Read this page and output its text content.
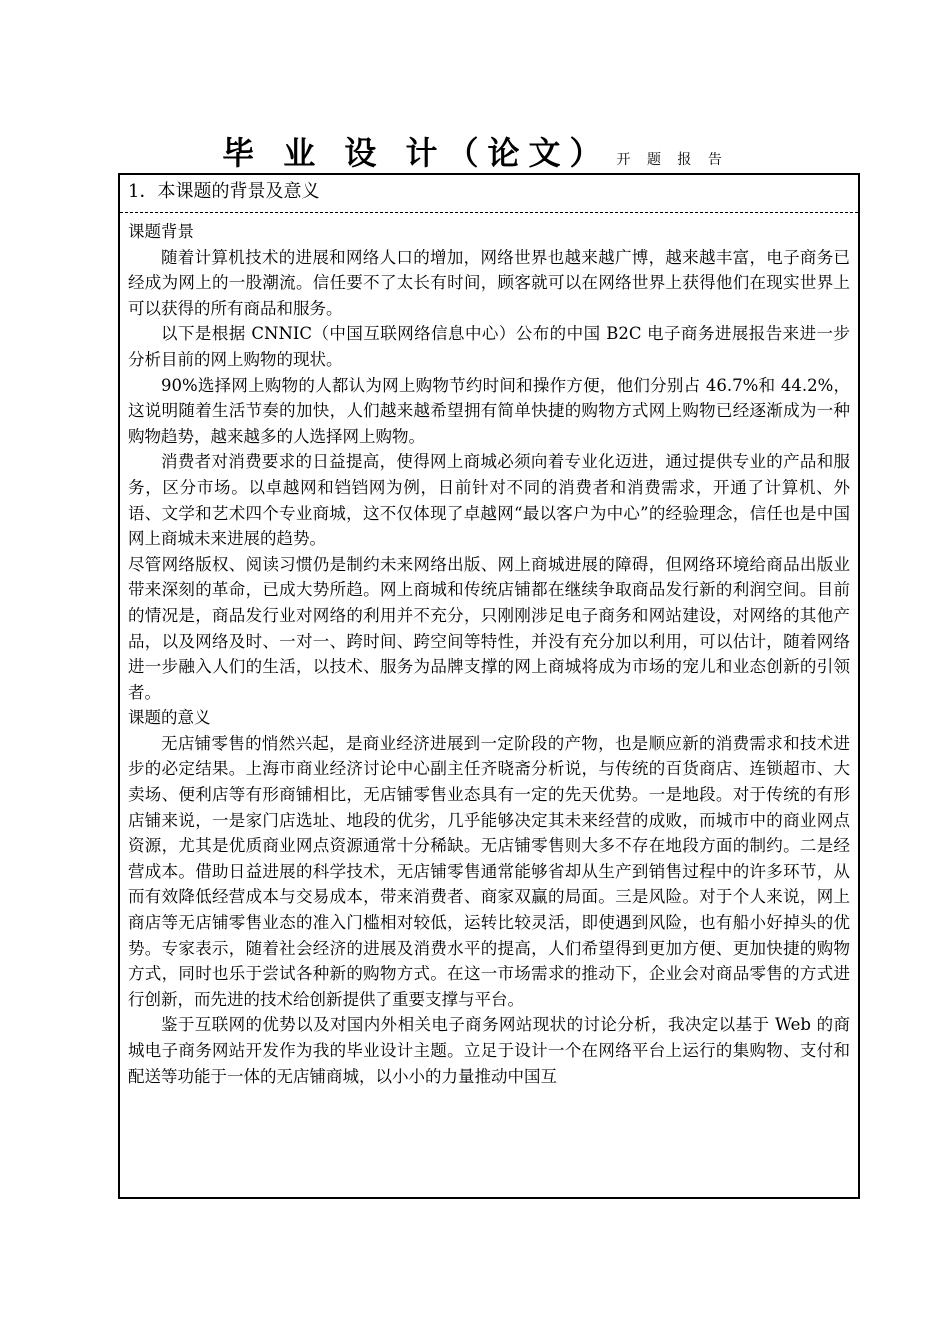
毕 业 设 计（论文） 开 题 报 告
1．本课题的背景及意义

课题背景

随着计算机技术的进展和网络人口的增加，网络世界也越来越广博，越来越丰富，电子商务已经成为网上的一股潮流。信任要不了太长有时间，顾客就可以在网络世界上获得他们在现实世界上可以获得的所有商品和服务。

以下是根据 CNNIC（中国互联网络信息中心）公布的中国 B2C 电子商务进展报告来进一步分析目前的网上购物的现状。

90%选择网上购物的人都认为网上购物节约时间和操作方便，他们分别占 46.7%和 44.2%，这说明随着生活节奏的加快，人们越来越希望拥有简单快捷的购物方式网上购物已经逐渐成为一种购物趋势，越来越多的人选择网上购物。

消费者对消费要求的日益提高，使得网上商城必须向着专业化迈进，通过提供专业的产品和服务，区分市场。以卓越网和铛铛网为例，日前针对不同的消费者和消费需求，开通了计算机、外语、文学和艺术四个专业商城，这不仅体现了卓越网“最以客户为中心”的经验理念，信任也是中国网上商城未来进展的趋势。

尽管网络版权、阅读习惯仍是制约未来网络出版、网上商城进展的障碍，但网络环境给商品出版业带来深刻的革命，已成大势所趋。网上商城和传统店铺都在继续争取商品发行新的利润空间。目前的情况是，商品发行业对网络的利用并不充分，只刚刚涉足电子商务和网站建设，对网络的其他产品，以及网络及时、一对一、跨时间、跨空间等特性，并没有充分加以利用，可以估计，随着网络进一步融入人们的生活，以技术、服务为品牌支撑的网上商城将成为市场的宠儿和业态创新的引领者。

课题的意义

无店铺零售的悄然兴起，是商业经济进展到一定阶段的产物，也是顺应新的消费需求和技术进步的必定结果。上海市商业经济讨论中心副主任齐晓斋分析说，与传统的百货商店、连锁超市、大卖场、便利店等有形商铺相比，无店铺零售业态具有一定的先天优势。一是地段。对于传统的有形店铺来说，一是家门店选址、地段的优劣，几乎能够决定其未来经营的成败，而城市中的商业网点资源，尤其是优质商业网点资源通常十分稀缺。无店铺零售则大多不存在地段方面的制约。二是经营成本。借助日益进展的科学技术，无店铺零售通常能够省却从生产到销售过程中的许多环节，从而有效降低经营成本与交易成本，带来消费者、商家双赢的局面。三是风险。对于个人来说，网上商店等无店铺零售业态的准入门槛相对较低，运转比较灵活，即使遇到风险，也有船小好掉头的优势。专家表示，随着社会经济的进展及消费水平的提高，人们希望得到更加方便、更加快捷的购物方式，同时也乐于尝试各种新的购物方式。在这一市场需求的推动下，企业会对商品零售的方式进行创新，而先进的技术给创新提供了重要支撑与平台。

鉴于互联网的优势以及对国内外相关电子商务网站现状的讨论分析，我决定以基于 Web 的商城电子商务网站开发作为我的毕业设计主题。立足于设计一个在网络平台上运行的集购物、支付和配送等功能于一体的无店铺商城，以小小的力量推动中国互
